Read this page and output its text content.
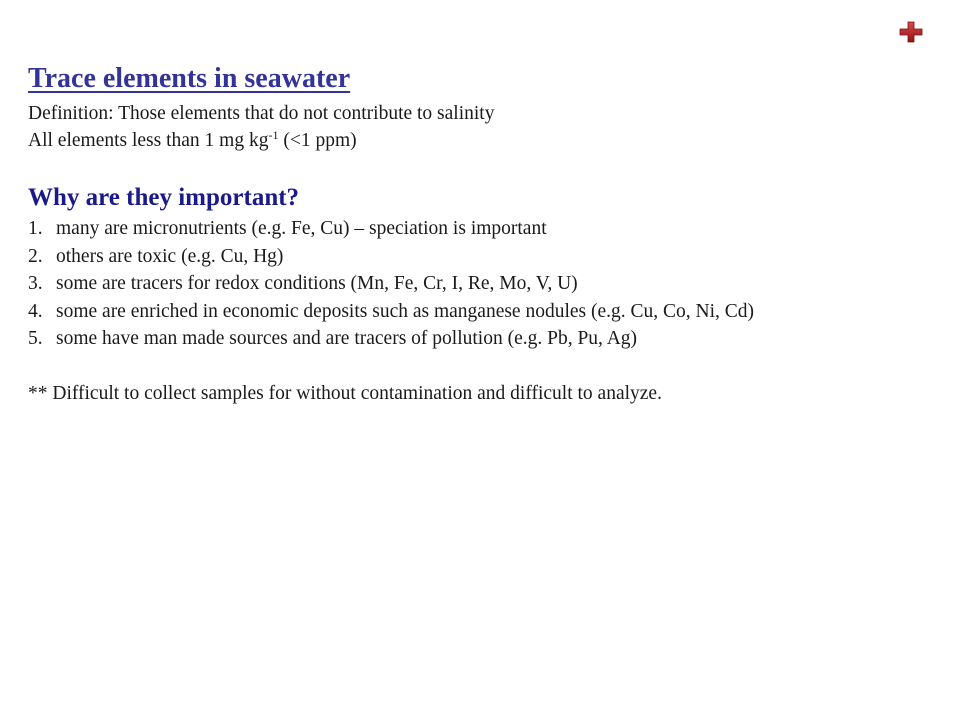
Trace elements in seawater

Definition: Those elements that do not contribute to salinity

All elements less than 1 mg $kg^{-1}$ (<1 ppm)

Why are they important?
1. many are micronutrients (e.g. Fe, Cu) – speciation is important
2. others are toxic (e.g. Cu, Hg)
3. some are tracers for redox conditions (Mn, Fe, Cr, I, Re, Mo, V, U)
4. some are enriched in economic deposits such as manganese nodules (e.g. Cu, Co, Ni, Cd)
5. some have man made sources and are tracers of pollution (e.g. Pb, Pu, Ag)

** Difficult to collect samples for without contamination and difficult to analyze.
